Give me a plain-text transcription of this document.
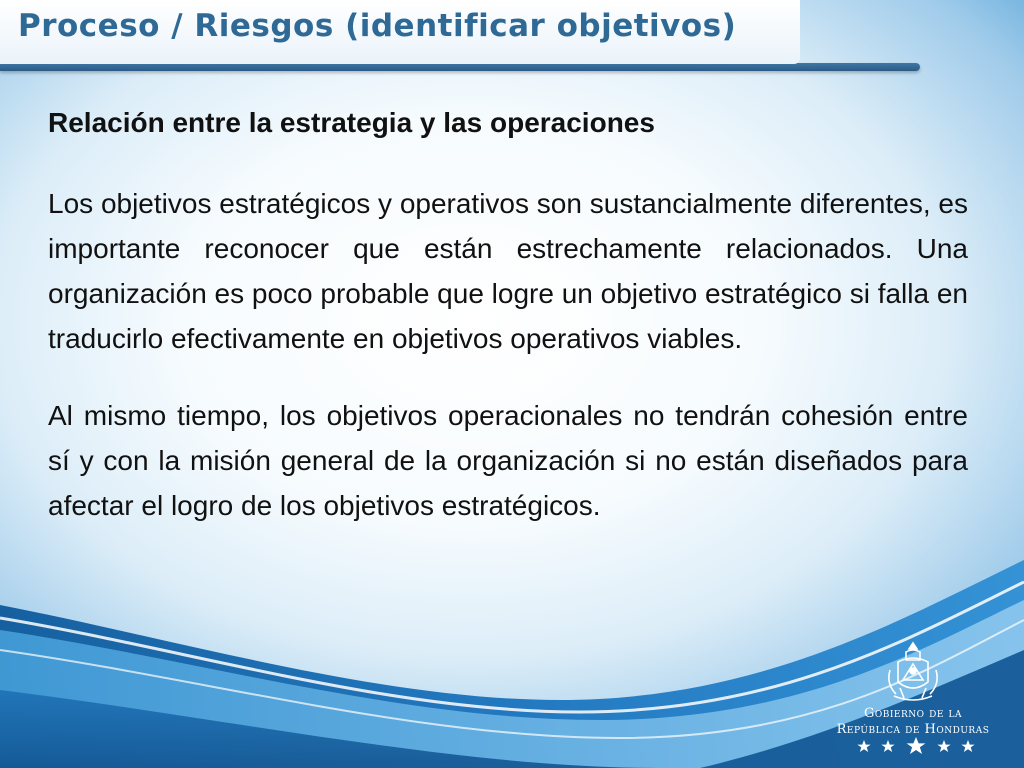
Proceso / Riesgos (identificar objetivos)
Relación entre la estrategia y las operaciones

Los objetivos estratégicos y operativos son sustancialmente diferentes, es importante reconocer que están estrechamente relacionados. Una organización es poco probable que logre un objetivo estratégico si falla en traducirlo efectivamente en objetivos operativos viables.

Al mismo tiempo, los objetivos operacionales no tendrán cohesión entre sí y con la misión general de la organización si no están diseñados para afectar el logro de los objetivos estratégicos.

Gobierno de la
República de Honduras
